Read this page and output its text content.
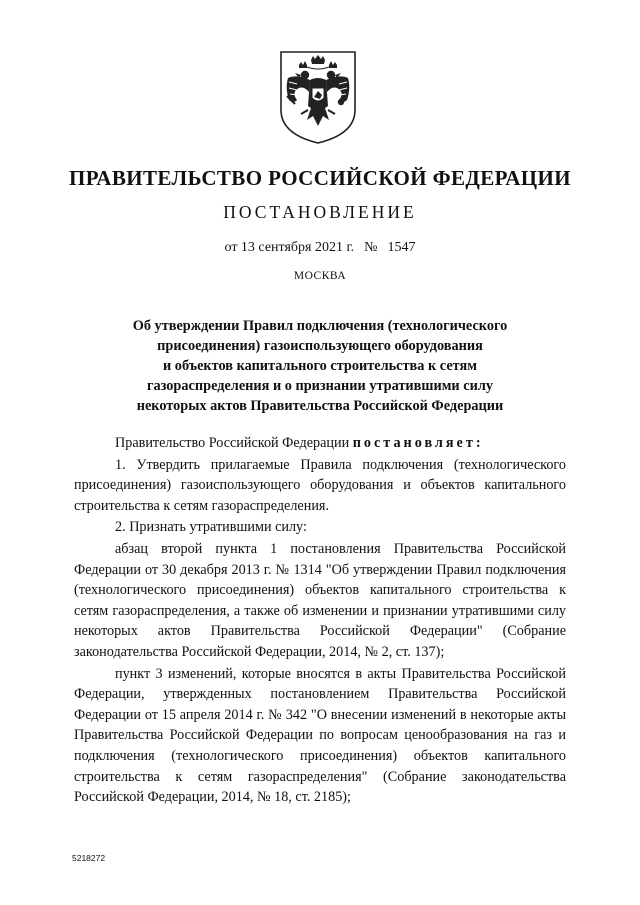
ПРАВИТЕЛЬСТВО РОССИЙСКОЙ ФЕДЕРАЦИИ
ПОСТАНОВЛЕНИЕ
от 13 сентября 2021 г. № 1547
МОСКВА
Об утверждении Правил подключения (технологического
присоединения) газоиспользующего оборудования
и объектов капитального строительства к сетям
газораспределения и о признании утратившими силу
некоторых актов Правительства Российской Федерации

Правительство Российской Федерации постановляет:

1. Утвердить прилагаемые Правила подключения (технологического присоединения) газоиспользующего оборудования и объектов капитального строительства к сетям газораспределения.

2. Признать утратившими силу:

абзац второй пункта 1 постановления Правительства Российской Федерации от 30 декабря 2013 г. № 1314 "Об утверждении Правил подключения (технологического присоединения) объектов капитального строительства к сетям газораспределения, а также об изменении и признании утратившими силу некоторых актов Правительства Российской Федерации" (Собрание законодательства Российской Федерации, 2014, № 2, ст. 137);

пункт 3 изменений, которые вносятся в акты Правительства Российской Федерации, утвержденных постановлением Правительства Российской Федерации от 15 апреля 2014 г. № 342 "О внесении изменений в некоторые акты Правительства Российской Федерации по вопросам ценообразования на газ и подключения (технологического присоединения) объектов капитального строительства к сетям газораспределения" (Собрание законодательства Российской Федерации, 2014, № 18, ст. 2185);

5218272
